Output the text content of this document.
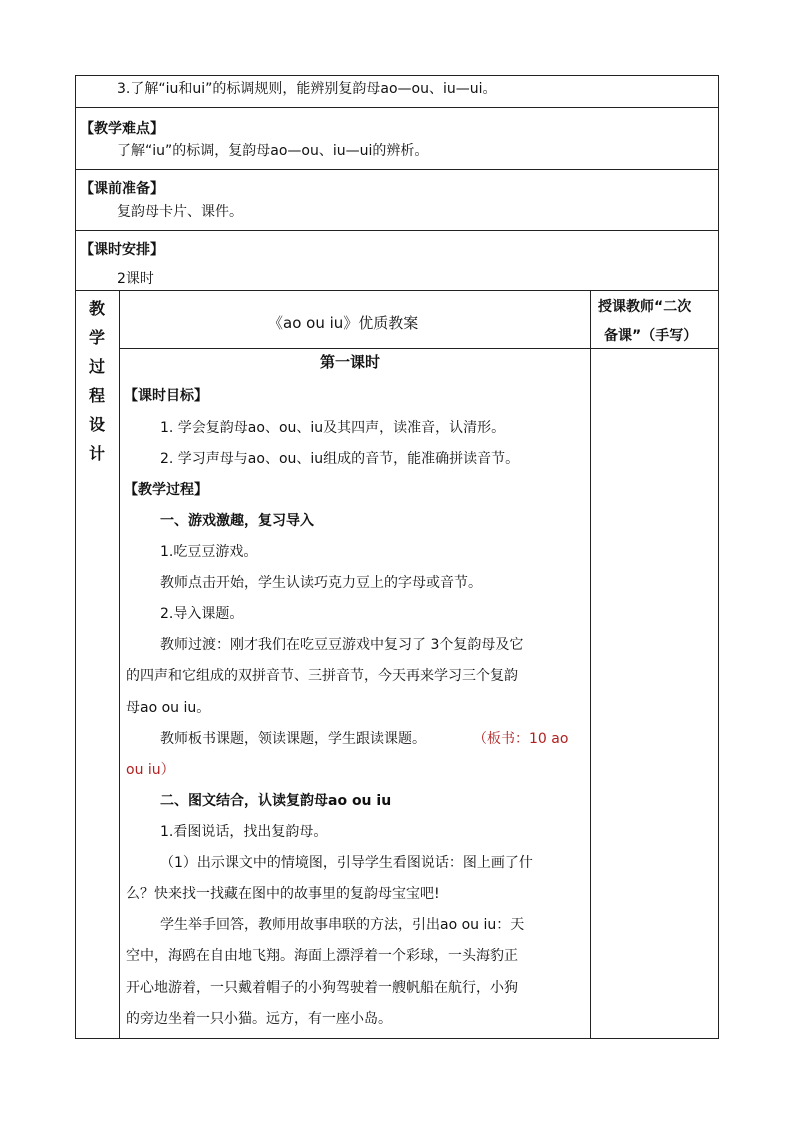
3.了解“iu和ui”的标调规则，能辨别复韵母ao—ou、iu—ui。
【教学难点】
了解“iu”的标调，复韵母ao—ou、iu—ui的辨析。
【课前准备】
复韵母卡片、课件。
【课时安排】
2课时
教
学
过
程
设
计
《ao ou iu》优质教案
授课教师“二次
备课”（手写）
第一课时
【课时目标】
1. 学会复韵母ao、ou、iu及其四声，读准音，认清形。
2. 学习声母与ao、ou、iu组成的音节，能准确拼读音节。
【教学过程】
一、游戏激趣，复习导入
1.吃豆豆游戏。
教师点击开始，学生认读巧克力豆上的字母或音节。
2.导入课题。
教师过渡：刚才我们在吃豆豆游戏中复习了 3个复韵母及它
的四声和它组成的双拼音节、三拼音节，今天再来学习三个复韵
母ao ou iu。
教师板书课题，领读课题，学生跟读课题。	（板书：10 ao
ou iu）
二、图文结合，认读复韵母ao ou iu
1.看图说话，找出复韵母。
（1）出示课文中的情境图，引导学生看图说话：图上画了什
么？快来找一找藏在图中的故事里的复韵母宝宝吧!
学生举手回答，教师用故事串联的方法，引出ao ou iu：天
空中，海鸥在自由地飞翔。海面上漂浮着一个彩球，一头海豹正
开心地游着，一只戴着帽子的小狗驾驶着一艘帆船在航行，小狗
的旁边坐着一只小猫。远方，有一座小岛。
